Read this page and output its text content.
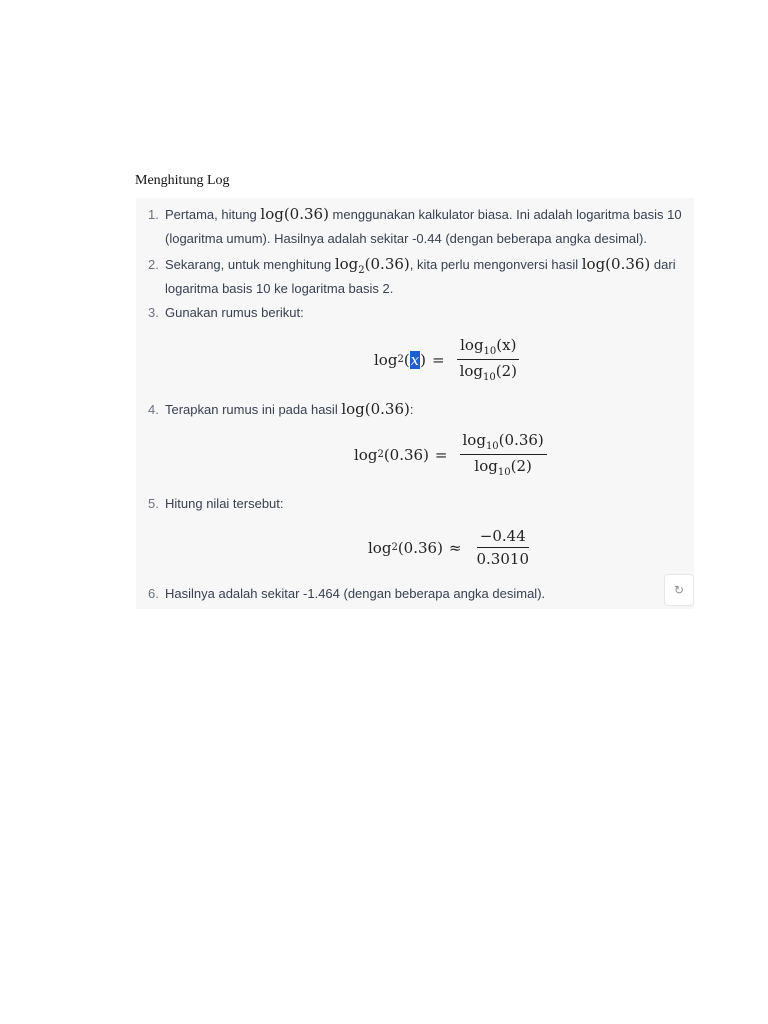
Menghitung Log
1. Pertama, hitung log(0.36) menggunakan kalkulator biasa. Ini adalah logaritma basis 10
(logaritma umum). Hasilnya adalah sekitar -0.44 (dengan beberapa angka desimal).
2. Sekarang, untuk menghitung $\log_2(0.36)$, kita perlu mengonversi hasil log(0.36) dari
logaritma basis 10 ke logaritma basis 2.
3. Gunakan rumus berikut:
log 2 ( x ) = $\frac{\log_{10}(x)}{\log_{10}(2)}$
4. Terapkan rumus ini pada hasil log(0.36):
log 2 $(0.36) = \frac{\log_{10}(0.36)}{\log_{10}(2)}$
5. Hitung nilai tersebut:
log 2 $(0.36) \approx \frac{-0.44}{0.3010}$
6. Hasilnya adalah sekitar -1.464 (dengan beberapa angka desimal).	↻
